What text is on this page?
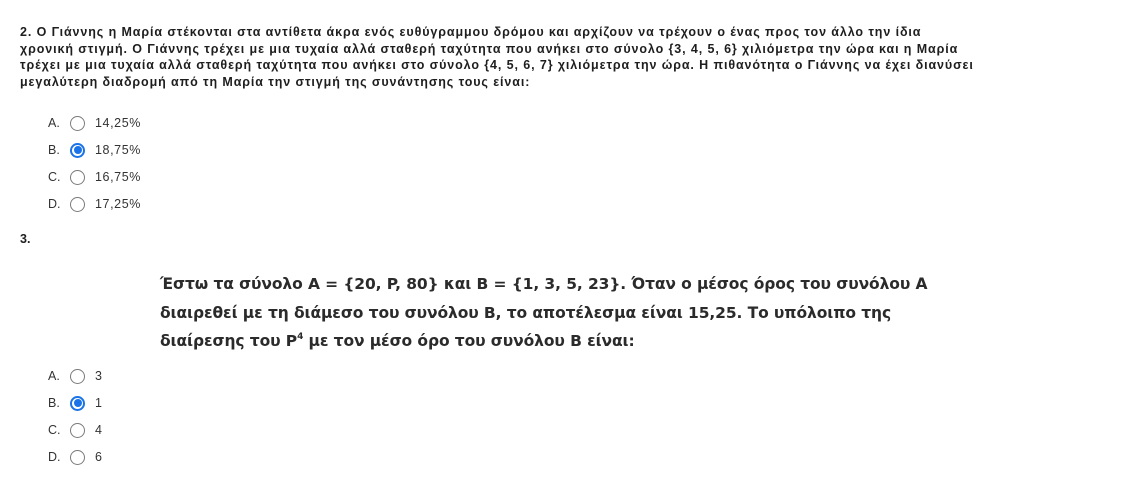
2. Ο Γιάννης η Μαρία στέκονται στα αντίθετα άκρα ενός ευθύγραμμου δρόμου και αρχίζουν να τρέχουν ο ένας προς τον άλλο την ίδια
χρονική στιγμή. Ο Γιάννης τρέχει με μια τυχαία αλλά σταθερή ταχύτητα που ανήκει στο σύνολο {3, 4, 5, 6} χιλιόμετρα την ώρα και η Μαρία
τρέχει με μια τυχαία αλλά σταθερή ταχύτητα που ανήκει στο σύνολο {4, 5, 6, 7} χιλιόμετρα την ώρα. Η πιθανότητα ο Γιάννης να έχει διανύσει
μεγαλύτερη διαδρομή από τη Μαρία την στιγμή της συνάντησης τους είναι:
A.	14,25%
B.	18,75%
C.	16,75%
D.	17,25%
3.
Έστω τα σύνολο A = {20, P, 80} και B = {1, 3, 5, 23}. Όταν ο μέσος όρος του συνόλου Α
διαιρεθεί με τη διάμεσο του συνόλου B, το αποτέλεσμα είναι 15,25. Το υπόλοιπο της
διαίρεσης του $P^4$ με τον μέσο όρο του συνόλου B είναι:
A.	3
B.	1
C.	4
D.	6
